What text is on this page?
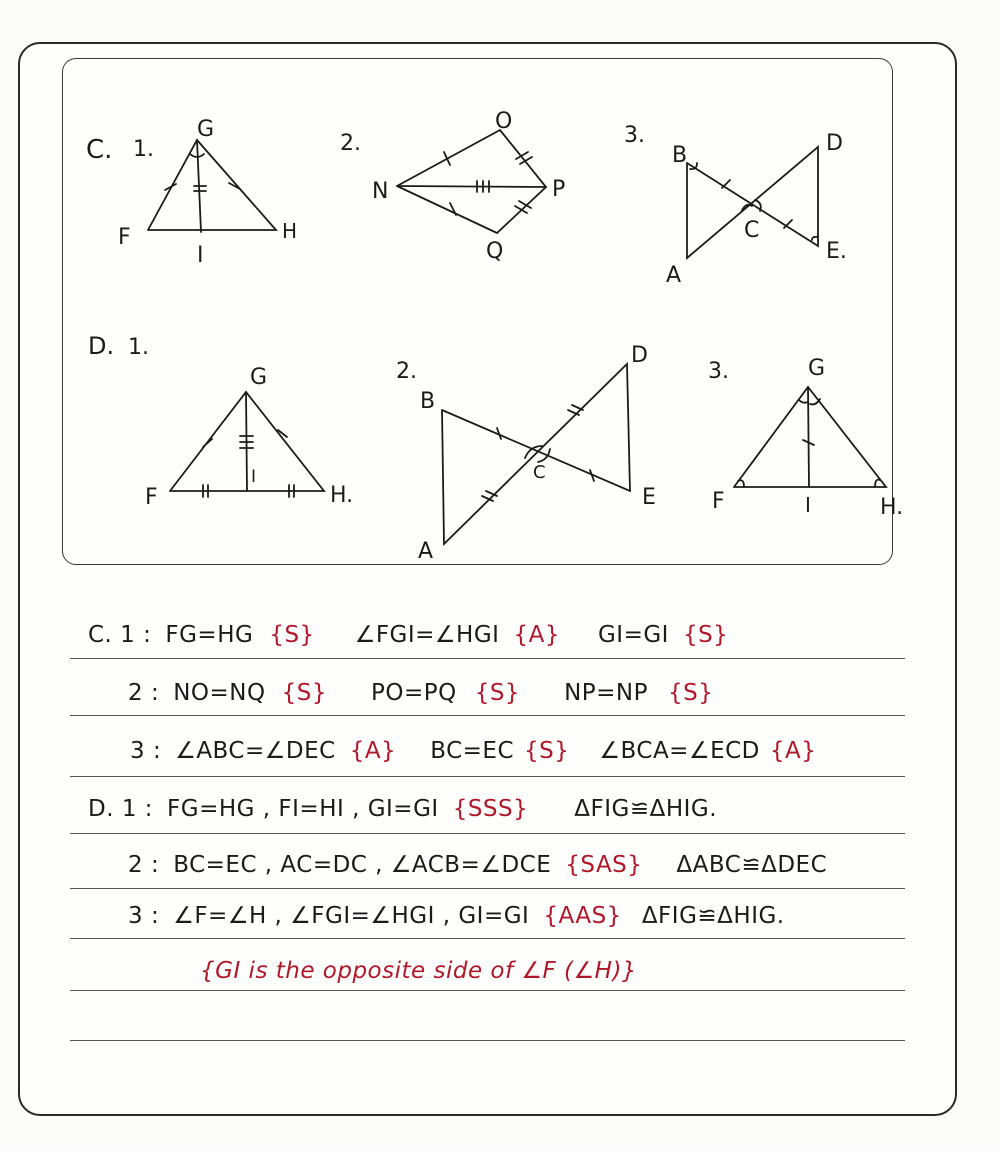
C. 1.
G
F	H
I
2.
O
N	P
Q
3.
B	D
C
A
E.
D. 1.
G
F
I
H.
2.
B
D
C
A
E
3.	G
F	I	H.
C. 1 : FG=HG {S} ∠FGI=∠HGI {A} GI=GI {S}
2 : NO=NQ {S} PO=PQ {S} NP=NP {S}
3 : ∠ABC=∠DEC {A} BC=EC {S} ∠BCA=∠ECD {A}
D. 1 : FG=HG , FI=HI , GI=GI {SSS} ΔFIG≌ΔHIG.
2 : BC=EC , AC=DC , ∠ACB=∠DCE {SAS} ΔABC≌ΔDEC
3 : ∠F=∠H , ∠FGI=∠HGI , GI=GI {AAS} ΔFIG≌ΔHIG.
{GI is the opposite side of ∠F (∠H)}
